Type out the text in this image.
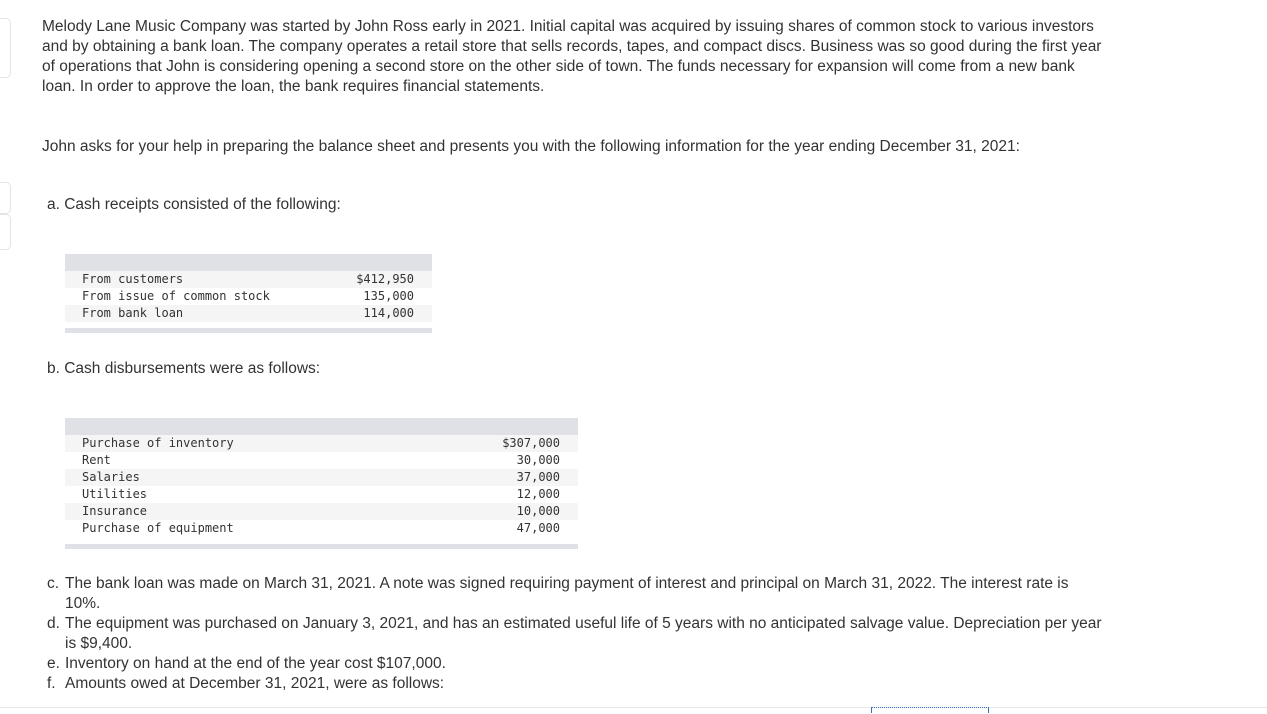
Melody Lane Music Company was started by John Ross early in 2021. Initial capital was acquired by issuing shares of common stock to various investors and by obtaining a bank loan. The company operates a retail store that sells records, tapes, and compact discs. Business was so good during the first year of operations that John is considering opening a second store on the other side of town. The funds necessary for expansion will come from a new bank loan. In order to approve the loan, the bank requires financial statements.

John asks for your help in preparing the balance sheet and presents you with the following information for the year ending December 31, 2021:

a. Cash receipts consisted of the following:
From customers	$412,950
From issue of common stock	135,000
From bank loan	114,000
b. Cash disbursements were as follows:
Purchase of inventory	$307,000
Rent	30,000
Salaries	37,000
Utilities	12,000
Insurance	10,000
Purchase of equipment	47,000
c. The bank loan was made on March 31, 2021. A note was signed requiring payment of interest and principal on March 31, 2022. The interest rate is 10%.
d. The equipment was purchased on January 3, 2021, and has an estimated useful life of 5 years with no anticipated salvage value. Depreciation per year is $9,400.
e. Inventory on hand at the end of the year cost $107,000.
f. Amounts owed at December 31, 2021, were as follows:
